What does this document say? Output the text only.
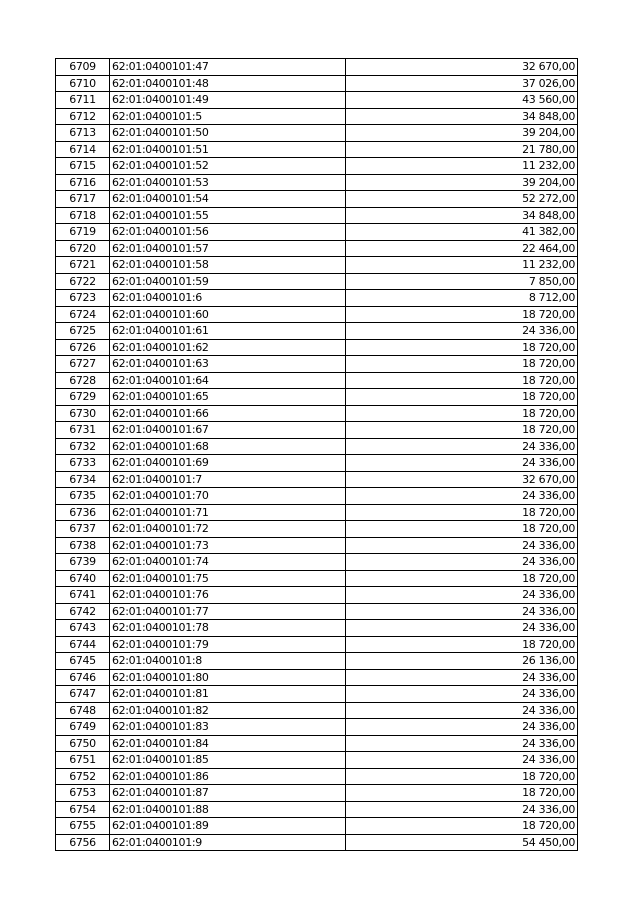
6709	62:01:0400101:47	32 670,00
6710	62:01:0400101:48	37 026,00
6711	62:01:0400101:49	43 560,00
6712	62:01:0400101:5	34 848,00
6713	62:01:0400101:50	39 204,00
6714	62:01:0400101:51	21 780,00
6715	62:01:0400101:52	11 232,00
6716	62:01:0400101:53	39 204,00
6717	62:01:0400101:54	52 272,00
6718	62:01:0400101:55	34 848,00
6719	62:01:0400101:56	41 382,00
6720	62:01:0400101:57	22 464,00
6721	62:01:0400101:58	11 232,00
6722	62:01:0400101:59	7 850,00
6723	62:01:0400101:6	8 712,00
6724	62:01:0400101:60	18 720,00
6725	62:01:0400101:61	24 336,00
6726	62:01:0400101:62	18 720,00
6727	62:01:0400101:63	18 720,00
6728	62:01:0400101:64	18 720,00
6729	62:01:0400101:65	18 720,00
6730	62:01:0400101:66	18 720,00
6731	62:01:0400101:67	18 720,00
6732	62:01:0400101:68	24 336,00
6733	62:01:0400101:69	24 336,00
6734	62:01:0400101:7	32 670,00
6735	62:01:0400101:70	24 336,00
6736	62:01:0400101:71	18 720,00
6737	62:01:0400101:72	18 720,00
6738	62:01:0400101:73	24 336,00
6739	62:01:0400101:74	24 336,00
6740	62:01:0400101:75	18 720,00
6741	62:01:0400101:76	24 336,00
6742	62:01:0400101:77	24 336,00
6743	62:01:0400101:78	24 336,00
6744	62:01:0400101:79	18 720,00
6745	62:01:0400101:8	26 136,00
6746	62:01:0400101:80	24 336,00
6747	62:01:0400101:81	24 336,00
6748	62:01:0400101:82	24 336,00
6749	62:01:0400101:83	24 336,00
6750	62:01:0400101:84	24 336,00
6751	62:01:0400101:85	24 336,00
6752	62:01:0400101:86	18 720,00
6753	62:01:0400101:87	18 720,00
6754	62:01:0400101:88	24 336,00
6755	62:01:0400101:89	18 720,00
6756	62:01:0400101:9	54 450,00
